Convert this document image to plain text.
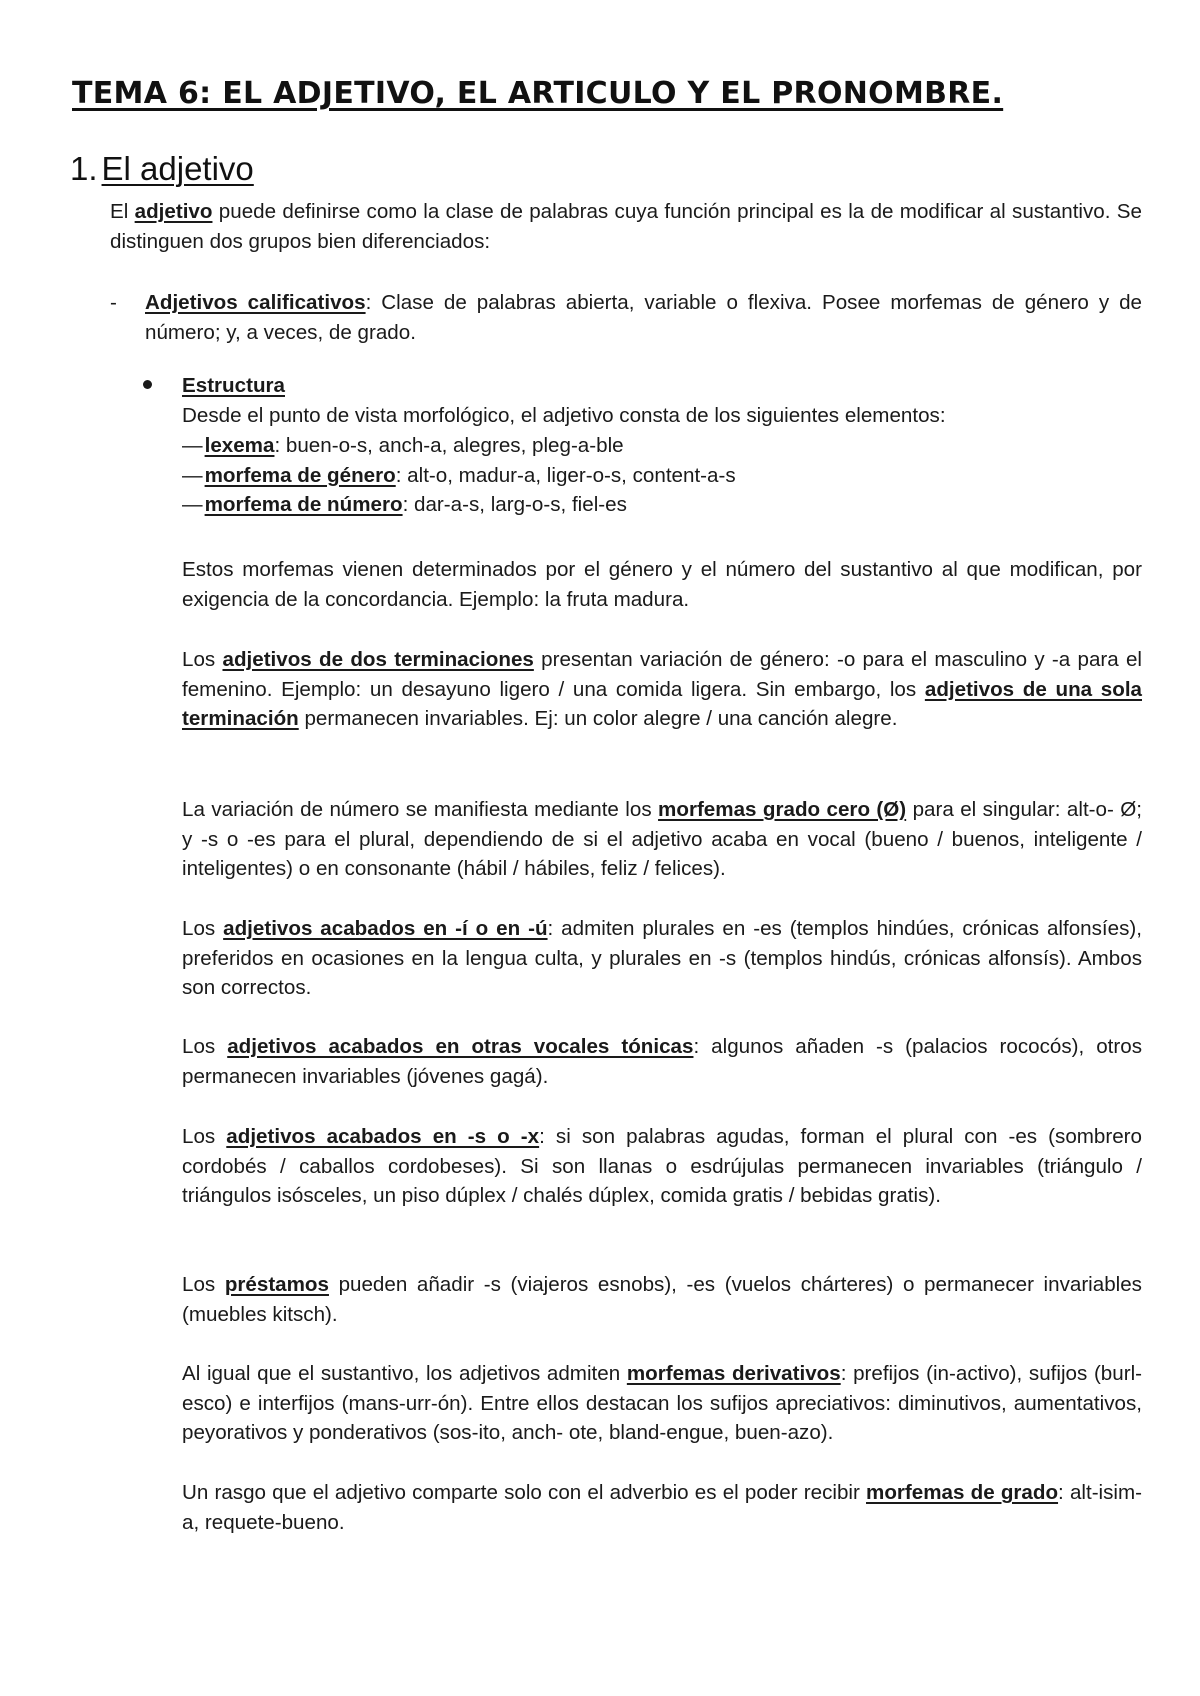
TEMA 6: EL ADJETIVO, EL ARTICULO Y EL PRONOMBRE.
1. El adjetivo

El adjetivo puede definirse como la clase de palabras cuya función principal es la de modificar al sustantivo. Se distinguen dos grupos bien diferenciados:

- Adjetivos calificativos: Clase de palabras abierta, variable o flexiva. Posee morfemas de género y de número; y, a veces, de grado.

Estructura

Desde el punto de vista morfológico, el adjetivo consta de los siguientes elementos:

—lexema: buen-o-s, anch-a, alegres, pleg-a-ble
—morfema de género: alt-o, madur-a, liger-o-s, content-a-s
—morfema de número: dar-a-s, larg-o-s, fiel-es

Estos morfemas vienen determinados por el género y el número del sustantivo al que modifican, por exigencia de la concordancia. Ejemplo: la fruta madura.

Los adjetivos de dos terminaciones presentan variación de género: -o para el masculino y -a para el femenino. Ejemplo: un desayuno ligero / una comida ligera. Sin embargo, los adjetivos de una sola terminación permanecen invariables. Ej: un color alegre / una canción alegre.

La variación de número se manifiesta mediante los morfemas grado cero (Ø) para el singular: alt-o- Ø; y -s o -es para el plural, dependiendo de si el adjetivo acaba en vocal (bueno / buenos, inteligente / inteligentes) o en consonante (hábil / hábiles, feliz / felices).

Los adjetivos acabados en -í o en -ú: admiten plurales en -es (templos hindúes, crónicas alfonsíes), preferidos en ocasiones en la lengua culta, y plurales en -s (templos hindús, crónicas alfonsís). Ambos son correctos.

Los adjetivos acabados en otras vocales tónicas: algunos añaden -s (palacios rococós), otros permanecen invariables (jóvenes gagá).

Los adjetivos acabados en -s o -x: si son palabras agudas, forman el plural con -es (sombrero cordobés / caballos cordobeses). Si son llanas o esdrújulas permanecen invariables (triángulo / triángulos isósceles, un piso dúplex / chalés dúplex, comida gratis / bebidas gratis).

Los préstamos pueden añadir -s (viajeros esnobs), -es (vuelos chárteres) o permanecer invariables (muebles kitsch).

Al igual que el sustantivo, los adjetivos admiten morfemas derivativos: prefijos (in-activo), sufijos (burl-esco) e interfijos (mans-urr-ón). Entre ellos destacan los sufijos apreciativos: diminutivos, aumentativos, peyorativos y ponderativos (sos-ito, anch- ote, bland-engue, buen-azo).

Un rasgo que el adjetivo comparte solo con el adverbio es el poder recibir morfemas de grado: alt-isim-a, requete-bueno.
